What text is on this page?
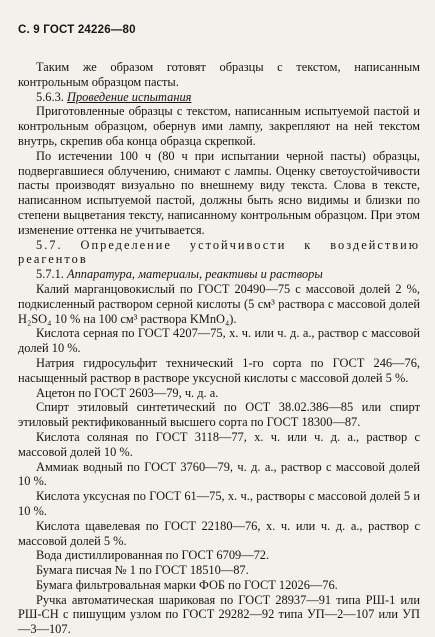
С. 9 ГОСТ 24226—80

Таким же образом готовят образцы с текстом, написанным контрольным образцом пасты.

5.6.3. Проведение испытания

Приготовленные образцы с текстом, написанным испытуемой пастой и контрольным образцом, обернув ими лампу, закрепляют на ней текстом внутрь, скрепив оба конца образца скрепкой.

По истечении 100 ч (80 ч при испытании черной пасты) образцы, подвергавшиеся облучению, снимают с лампы. Оценку светоустойчивости пасты производят визуально по внешнему виду текста. Слова в тексте, написанном испытуемой пастой, должны быть ясно видимы и близки по степени выцветания тексту, написанному контрольным образцом. При этом изменение оттенка не учитывается.

5.7. Определение устойчивости к воздействию реагентов

5.7.1. Аппаратура, материалы, реактивы и растворы

Калий марганцовокислый по ГОСТ 20490—75 с массовой долей 2 %, подкисленный раствором серной кислоты (5 см³ раствора с массовой долей H₂SO₄ 10 % на 100 см³ раствора KMnO₄).

Кислота серная по ГОСТ 4207—75, х. ч. или ч. д. а., раствор с массовой долей 10 %.

Натрия гидросульфит технический 1-го сорта по ГОСТ 246—76, насыщенный раствор в растворе уксусной кислоты с массовой долей 5 %.

Ацетон по ГОСТ 2603—79, ч. д. а.

Спирт этиловый синтетический по ОСТ 38.02.386—85 или спирт этиловый ректификованный высшего сорта по ГОСТ 18300—87.

Кислота соляная по ГОСТ 3118—77, х. ч. или ч. д. а., раствор с массовой долей 10 %.

Аммиак водный по ГОСТ 3760—79, ч. д. а., раствор с массовой долей 10 %.

Кислота уксусная по ГОСТ 61—75, х. ч., растворы с массовой долей 5 и 10 %.

Кислота щавелевая по ГОСТ 22180—76, х. ч. или ч. д. а., раствор с массовой долей 5 %.

Вода дистиллированная по ГОСТ 6709—72.

Бумага писчая № 1 по ГОСТ 18510—87.

Бумага фильтровальная марки ФОБ по ГОСТ 12026—76.

Ручка автоматическая шариковая по ГОСТ 28937—91 типа РШ-1 или РШ-СН с пишущим узлом по ГОСТ 29282—92 типа УП—2—107 или УП—3—107.
